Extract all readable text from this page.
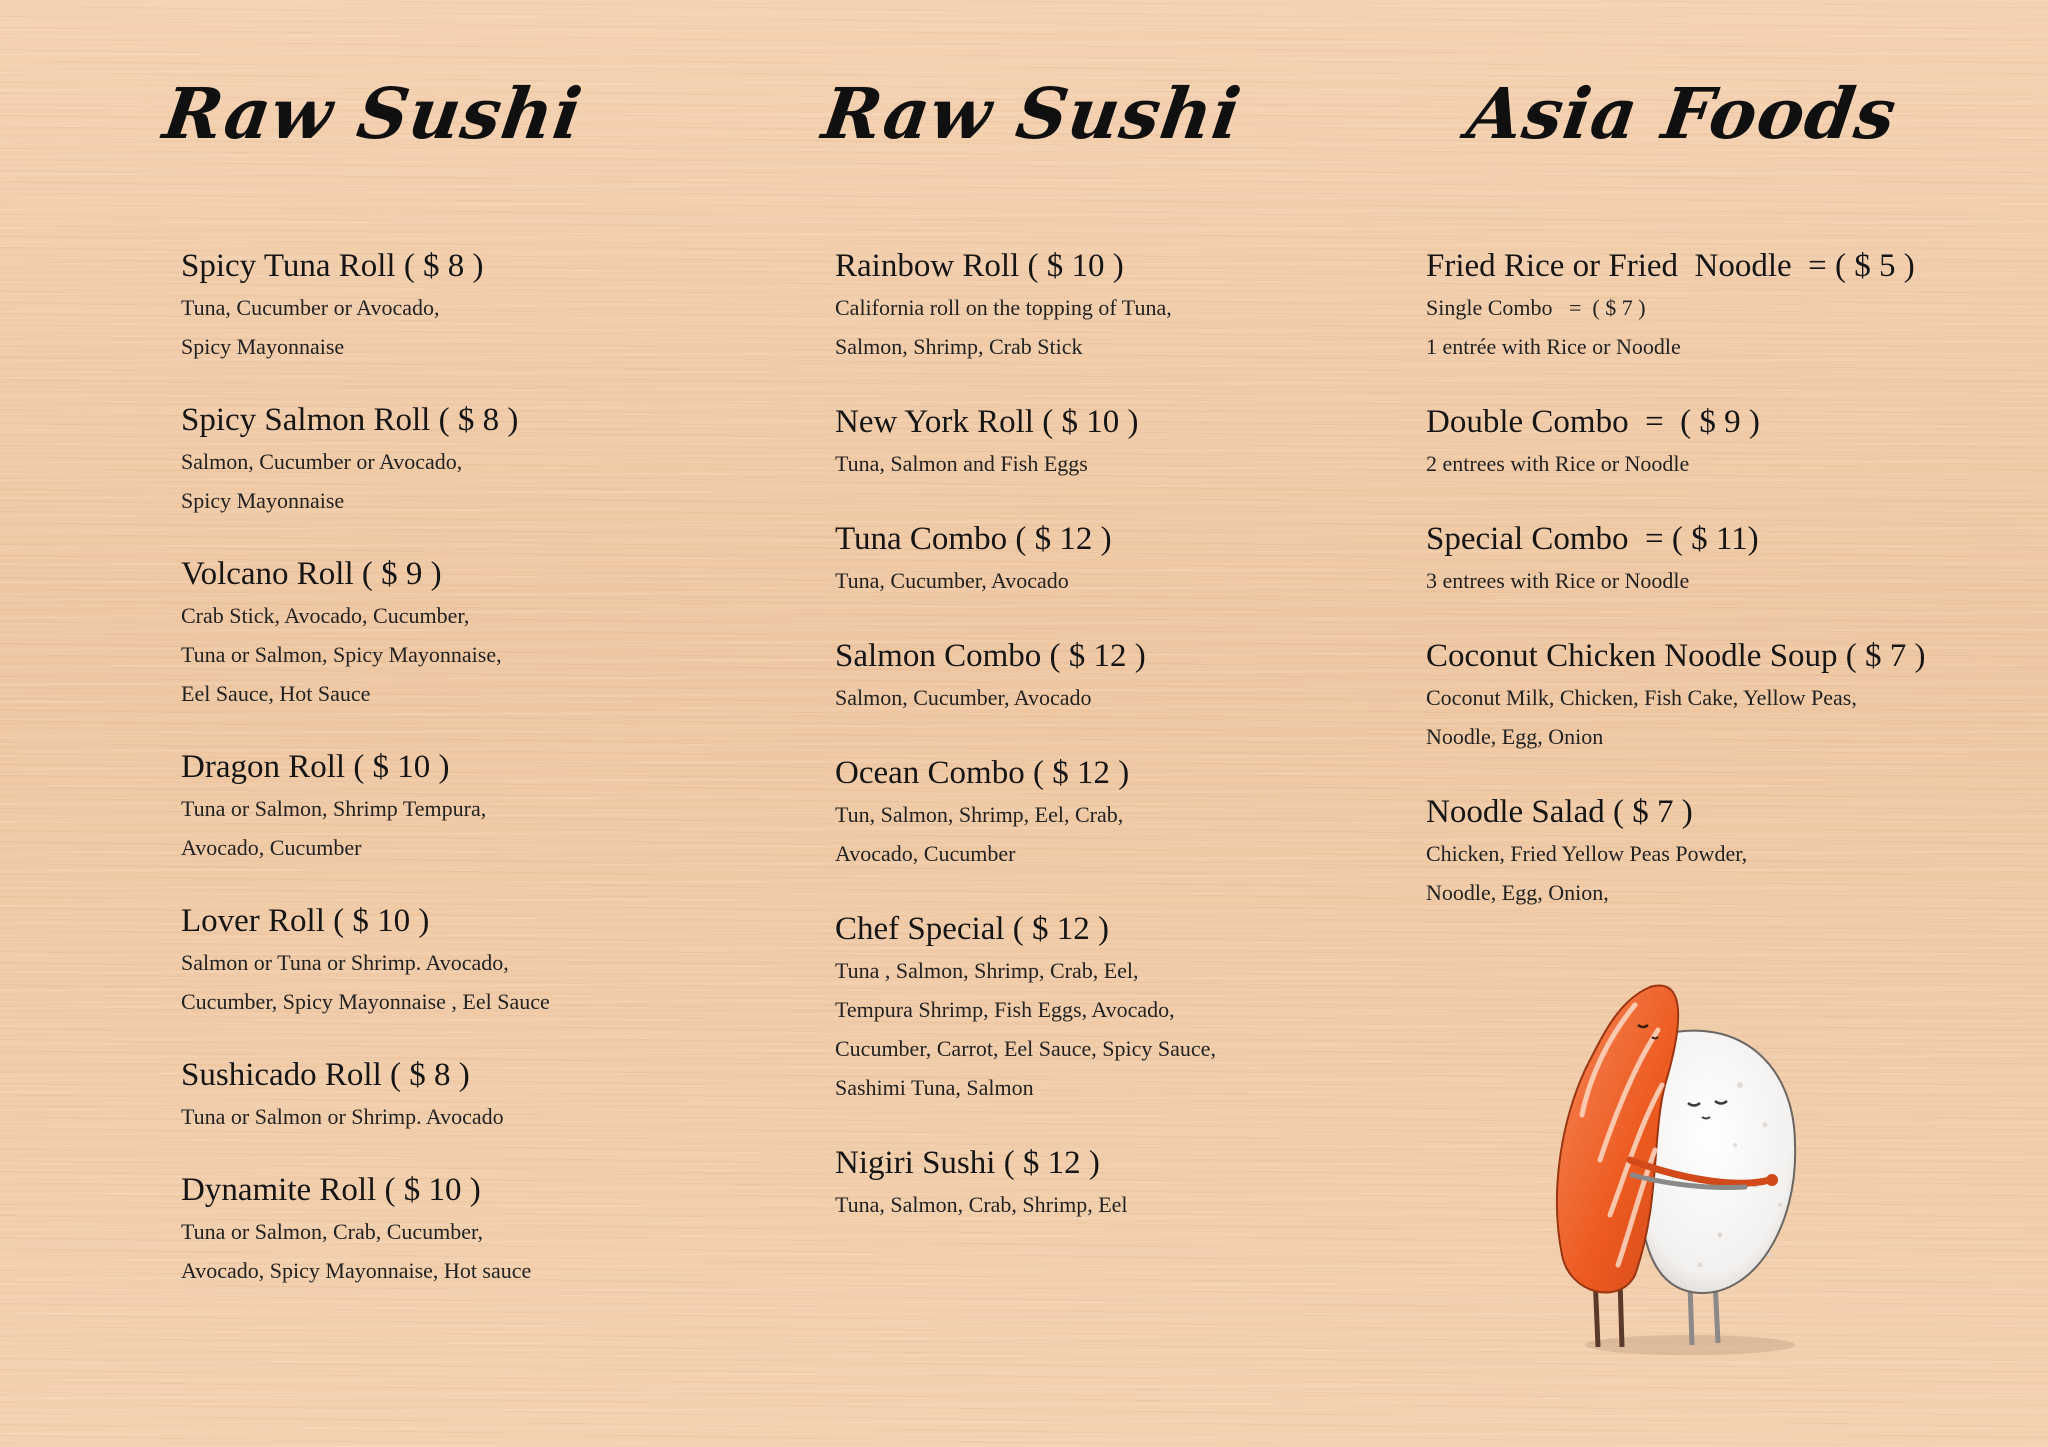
Raw Sushi	Raw Sushi	Asia Foods
Spicy Tuna Roll ( $ 8 )
Tuna, Cucumber or Avocado,
Spicy Mayonnaise
Spicy Salmon Roll ( $ 8 )
Salmon, Cucumber or Avocado,
Spicy Mayonnaise
Volcano Roll ( $ 9 )
Crab Stick, Avocado, Cucumber,
Tuna or Salmon, Spicy Mayonnaise,
Eel Sauce, Hot Sauce
Dragon Roll ( $ 10 )
Tuna or Salmon, Shrimp Tempura,
Avocado, Cucumber
Lover Roll ( $ 10 )
Salmon or Tuna or Shrimp. Avocado,
Cucumber, Spicy Mayonnaise , Eel Sauce
Sushicado Roll ( $ 8 )
Tuna or Salmon or Shrimp. Avocado
Dynamite Roll ( $ 10 )
Tuna or Salmon, Crab, Cucumber,
Avocado, Spicy Mayonnaise, Hot sauce
Rainbow Roll ( $ 10 )
California roll on the topping of Tuna,
Salmon, Shrimp, Crab Stick
New York Roll ( $ 10 )
Tuna, Salmon and Fish Eggs
Tuna Combo ( $ 12 )
Tuna, Cucumber, Avocado
Salmon Combo ( $ 12 )
Salmon, Cucumber, Avocado
Ocean Combo ( $ 12 )
Tun, Salmon, Shrimp, Eel, Crab,
Avocado, Cucumber
Chef Special ( $ 12 )
Tuna , Salmon, Shrimp, Crab, Eel,
Tempura Shrimp, Fish Eggs, Avocado,
Cucumber, Carrot, Eel Sauce, Spicy Sauce,
Sashimi Tuna, Salmon
Nigiri Sushi ( $ 12 )
Tuna, Salmon, Crab, Shrimp, Eel
Fried Rice or Fried  Noodle  = ( $ 5 )
Single Combo   =  ( $ 7 )
1 entrée with Rice or Noodle
Double Combo  =  ( $ 9 )
2 entrees with Rice or Noodle
Special Combo  = ( $ 11)
3 entrees with Rice or Noodle
Coconut Chicken Noodle Soup ( $ 7 )
Coconut Milk, Chicken, Fish Cake, Yellow Peas,
Noodle, Egg, Onion
Noodle Salad ( $ 7 )
Chicken, Fried Yellow Peas Powder,
Noodle, Egg, Onion,
